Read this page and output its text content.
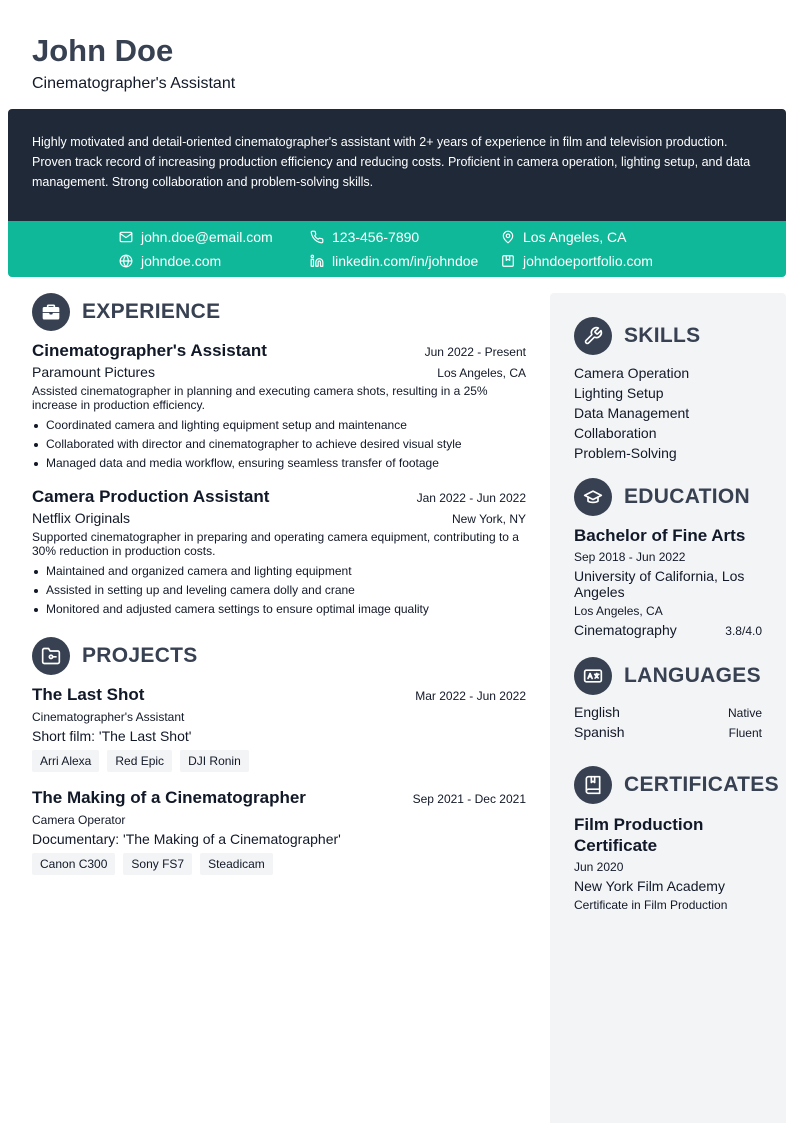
John Doe
Cinematographer's Assistant

Highly motivated and detail-oriented cinematographer's assistant with 2+ years of experience in film and television production. Proven track record of increasing production efficiency and reducing costs. Proficient in camera operation, lighting setup, and data management. Strong collaboration and problem-solving skills.

john.doe@email.com	123-456-7890	Los Angeles, CA
johndoe.com	linkedin.com/in/johndoe	johndoeportfolio.com
EXPERIENCE
Cinematographer's Assistant	Jun 2022 - Present
Paramount Pictures	Los Angeles, CA
Assisted cinematographer in planning and executing camera shots, resulting in a 25% increase in production efficiency.
Coordinated camera and lighting equipment setup and maintenance
Collaborated with director and cinematographer to achieve desired visual style
Managed data and media workflow, ensuring seamless transfer of footage
Camera Production Assistant	Jan 2022 - Jun 2022
Netflix Originals	New York, NY
Supported cinematographer in preparing and operating camera equipment, contributing to a 30% reduction in production costs.
Maintained and organized camera and lighting equipment
Assisted in setting up and leveling camera dolly and crane
Monitored and adjusted camera settings to ensure optimal image quality
PROJECTS
The Last Shot	Mar 2022 - Jun 2022
Cinematographer's Assistant
Short film: 'The Last Shot'
Arri Alexa	Red Epic	DJI Ronin
The Making of a Cinematographer	Sep 2021 - Dec 2021
Camera Operator
Documentary: 'The Making of a Cinematographer'
Canon C300	Sony FS7	Steadicam
SKILLS
Camera Operation
Lighting Setup
Data Management
Collaboration
Problem-Solving
EDUCATION
Bachelor of Fine Arts
Sep 2018 - Jun 2022
University of California, Los Angeles
Los Angeles, CA
Cinematography	3.8/4.0
LANGUAGES
English	Native
Spanish	Fluent
CERTIFICATES
Film Production Certificate
Jun 2020
New York Film Academy
Certificate in Film Production
